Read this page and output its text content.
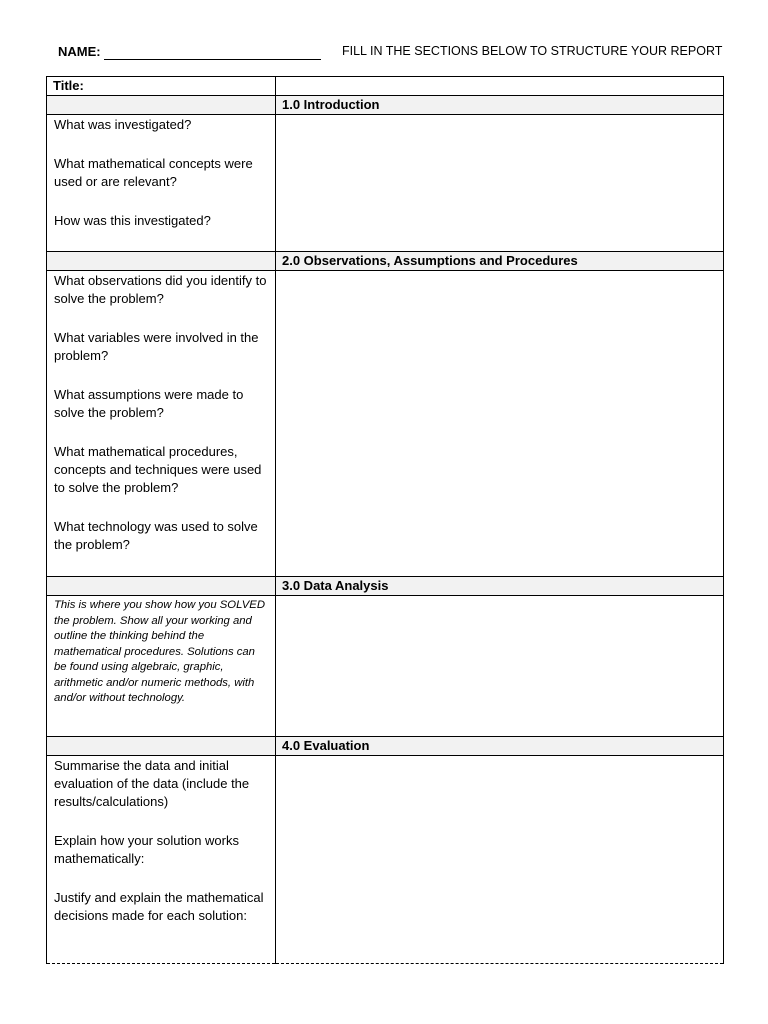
NAME:	FILL IN THE SECTIONS BELOW TO STRUCTURE YOUR REPORT
Title:	
	1.0 Introduction

What was investigated?
What mathematical concepts were used or are relevant?
How was this investigated?	

	2.0 Observations, Assumptions and Procedures

What observations did you identify to solve the problem?
What variables were involved in the problem?
What assumptions were made to solve the problem?
What mathematical procedures, concepts and techniques were used to solve the problem?
What technology was used to solve the problem?	

	3.0 Data Analysis

This is where you show how you SOLVED the problem. Show all your working and outline the thinking behind the mathematical procedures. Solutions can be found using algebraic, graphic, arithmetic and/or numeric methods, with and/or without technology.	

	4.0 Evaluation

Summarise the data and initial evaluation of the data (include the results/calculations)
Explain how your solution works mathematically:
Justify and explain the mathematical decisions made for each solution:	
